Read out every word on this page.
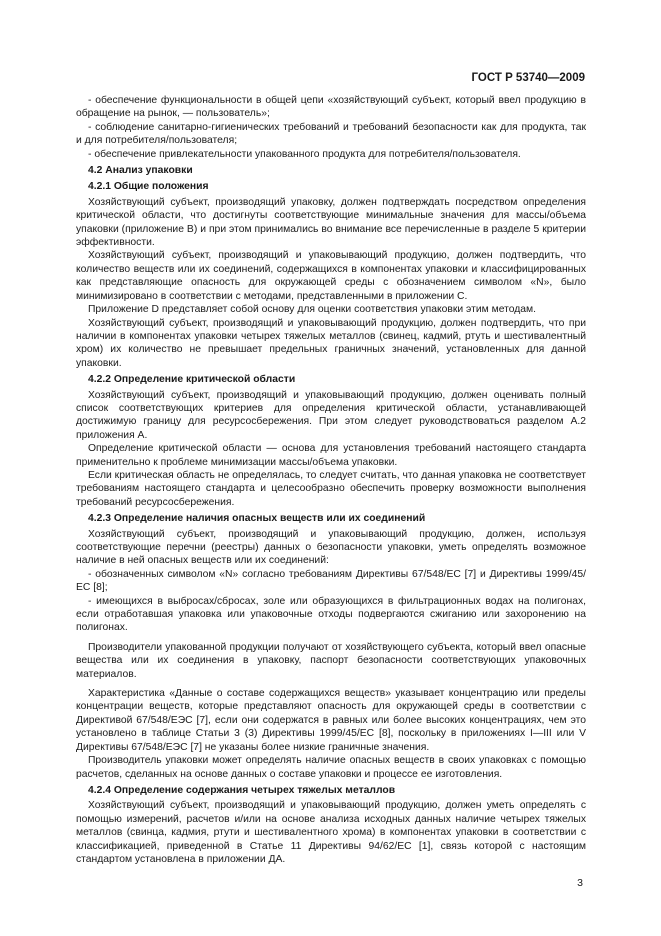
ГОСТ Р 53740—2009

- обеспечение функциональности в общей цепи «хозяйствующий субъект, который ввел продукцию в обращение на рынок, — пользователь»;

- соблюдение санитарно-гигиенических требований и требований безопасности как для продукта, так и для потребителя/пользователя;

- обеспечение привлекательности упакованного продукта для потребителя/пользователя.

4.2 Анализ упаковки
4.2.1 Общие положения

Хозяйствующий субъект, производящий упаковку, должен подтверждать посредством определения критической области, что достигнуты соответствующие минимальные значения для массы/объема упаковки (приложение В) и при этом принимались во внимание все перечисленные в разделе 5 критерии эффективности.

Хозяйствующий субъект, производящий и упаковывающий продукцию, должен подтвердить, что количество веществ или их соединений, содержащихся в компонентах упаковки и классифицированных как представляющие опасность для окружающей среды с обозначением символом «N», было минимизировано в соответствии с методами, представленными в приложении С.

Приложение D представляет собой основу для оценки соответствия упаковки этим методам.

Хозяйствующий субъект, производящий и упаковывающий продукцию, должен подтвердить, что при наличии в компонентах упаковки четырех тяжелых металлов (свинец, кадмий, ртуть и шестивалентный хром) их количество не превышает предельных граничных значений, установленных для данной упаковки.

4.2.2 Определение критической области

Хозяйствующий субъект, производящий и упаковывающий продукцию, должен оценивать полный список соответствующих критериев для определения критической области, устанавливающей достижимую границу для ресурсосбережения. При этом следует руководствоваться разделом А.2 приложения А.

Определение критической области — основа для установления требований настоящего стандарта применительно к проблеме минимизации массы/объема упаковки.

Если критическая область не определялась, то следует считать, что данная упаковка не соответствует требованиям настоящего стандарта и целесообразно обеспечить проверку возможности выполнения требований ресурсосбережения.

4.2.3 Определение наличия опасных веществ или их соединений

Хозяйствующий субъект, производящий и упаковывающий продукцию, должен, используя соответствующие перечни (реестры) данных о безопасности упаковки, уметь определять возможное наличие в ней опасных веществ или их соединений:

- обозначенных символом «N» согласно требованиям Директивы 67/548/ЕС [7] и Директивы 1999/45/ЕС [8];

- имеющихся в выбросах/сбросах, золе или образующихся в фильтрационных водах на полигонах, если отработавшая упаковка или упаковочные отходы подвергаются сжиганию или захоронению на полигонах.

Производители упакованной продукции получают от хозяйствующего субъекта, который ввел опасные вещества или их соединения в упаковку, паспорт безопасности соответствующих упаковочных материалов.

Характеристика «Данные о составе содержащихся веществ» указывает концентрацию или пределы концентрации веществ, которые представляют опасность для окружающей среды в соответствии с Директивой 67/548/ЕЭС [7], если они содержатся в равных или более высоких концентрациях, чем это установлено в таблице Статьи 3 (3) Директивы 1999/45/ЕС [8], поскольку в приложениях I—III или V Директивы 67/548/ЕЭС [7] не указаны более низкие граничные значения.

Производитель упаковки может определять наличие опасных веществ в своих упаковках с помощью расчетов, сделанных на основе данных о составе упаковки и процессе ее изготовления.

4.2.4 Определение содержания четырех тяжелых металлов

Хозяйствующий субъект, производящий и упаковывающий продукцию, должен уметь определять с помощью измерений, расчетов и/или на основе анализа исходных данных наличие четырех тяжелых металлов (свинца, кадмия, ртути и шестивалентного хрома) в компонентах упаковки в соответствии с классификацией, приведенной в Статье 11 Директивы 94/62/ЕС [1], связь которой с настоящим стандартом установлена в приложении ДА.

3
